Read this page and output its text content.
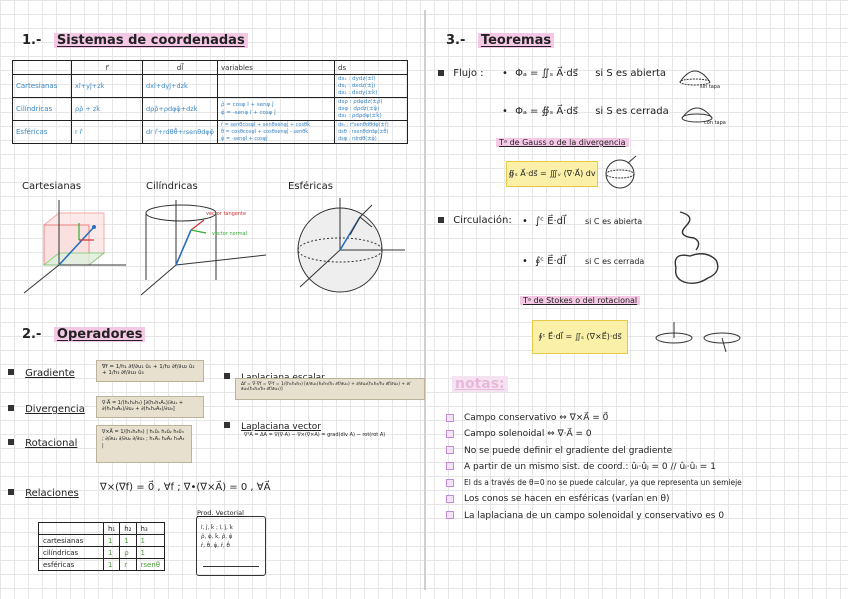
1.- Sistemas de coordenadas
	r⃗	dl⃗	variables	ds
Cartesianas	xî+yĵ+zk̂	dxî+dyĵ+dzk̂		dsₓ : dydz(±î)
dsᵧ : dxdz(±ĵ)
ds₂ : dxdy(±k̂)
Cilíndricas	ρρ̂ + zk̂	dρρ̂+ρdφφ̂+dzk̂	ρ̂ = cosφ î + senφ ĵ
φ̂ = -senφ î + cosφ ĵ	dsρ : ρdφdz(±ρ̂)
dsφ : dρdz(±φ̂)
ds₂ : ρdρdφ(±k̂)
Esféricas	r r̂	dr r̂+rdθθ̂+rsenθdφφ̂	r̂ = senθcosφî + senθsenφĵ + cosθk̂
θ̂ = cosθcosφî + cosθsenφĵ - senθk̂
φ̂ = -senφî + cosφĵ	dsᵣ : r²senθdθdφ(±r̂)
dsθ : rsenθdrdφ(±θ̂)
dsφ : rdrdθ(±φ̂)
Cartesianas	Cilíndricas	Esféricas
vector tangente
vector normal
2.- Operadores
Gradiente
∇f = 1/h₁ ∂f/∂u₁ û₁ + 1/h₂ ∂f/∂u₂ û₂ + 1/h₃ ∂f/∂u₃ û₃
Divergencia
∇·A⃗ = 1/(h₁h₂h₃) [∂(h₂h₃A₁)/∂u₁ + ∂(h₁h₃A₂)/∂u₂ + ∂(h₁h₂A₃)/∂u₃]
Rotacional
∇×A⃗ = 1/(h₁h₂h₃) | h₁û₁ h₂û₂ h₃û₃ ; ∂/∂u₁ ∂/∂u₂ ∂/∂u₃ ; h₁A₁ h₂A₂ h₃A₃ |
Δf = ∇·∇f = ∇²f = 1/(h₁h₂h₃) [∂/∂u₁(h₂h₃/h₁ ∂f/∂u₁) + ∂/∂u₂(h₁h₃/h₂ ∂f/∂u₂) + ∂/∂u₃(h₁h₂/h₃ ∂f/∂u₃)]
Laplaciana vector
∇²A⃗ = ΔA⃗ = ∇(∇·A⃗) − ∇×(∇×A⃗) = grad(div A⃗) − rot(rot A⃗)
Relaciones
∇×(∇f) = 0⃗ , ∀f ; ∇•(∇×A⃗) = 0 , ∀A⃗
	h₁	h₂	h₃
cartesianas	1	1	1
cilíndricas	1	ρ	1
esféricas	1	r	rsenθ
Prod. Vectorial
î, ĵ, k̂ ; î, ĵ, k̂
ρ̂, φ̂, k̂, ρ̂, φ̂
r̂, θ̂, φ̂, r̂, θ̂
3.- Teoremas
Flujo : • Φₐ = ∬ₛ A⃗·ds⃗ si S es abierta
sin tapa
• Φₐ = ∯ₛ A⃗·ds⃗ si S es cerrada
con tapa
Tᵃ de Gauss o de la divergencia
∯ₛ A⃗·ds⃗ = ∭ᵥ (∇·A⃗) dv
Circulación: • ∫ᶜ E⃗·dl⃗ si C es abierta
• ∮ᶜ E⃗·dl⃗ si C es cerrada
Tᵃ de Stokes o del rotacional
∮ᶜ E⃗·dl⃗ = ∬ₛ (∇×E⃗)·ds⃗
notas:
Campo conservativo ⇔ ∇×A⃗ = 0⃗
Campo solenoidal ⇔ ∇·A⃗ = 0
No se puede definir el gradiente del gradiente
A partir de un mismo sist. de coord.: ûᵢ·ûⱼ = 0 // ûᵢ·ûᵢ = 1
El ds a través de θ=0 no se puede calcular, ya que representa un semieje
Los conos se hacen en esféricas (varían en θ)
La laplaciana de un campo solenoidal y conservativo es 0
